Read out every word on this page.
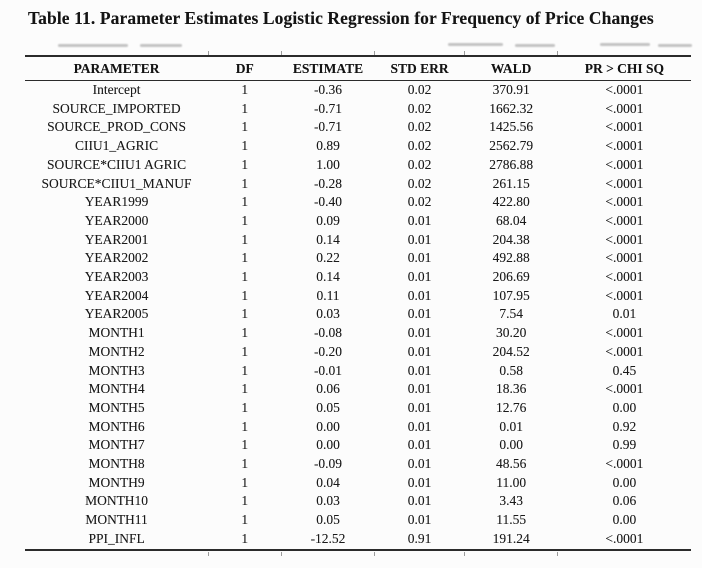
Table 11. Parameter Estimates Logistic Regression for Frequency of Price Changes
PARAMETER	DF	ESTIMATE	STD ERR	WALD	PR > CHI SQ
Intercept	1	-0.36	0.02	370.91	<.0001
SOURCE_IMPORTED	1	-0.71	0.02	1662.32	<.0001
SOURCE_PROD_CONS	1	-0.71	0.02	1425.56	<.0001
CIIU1_AGRIC	1	0.89	0.02	2562.79	<.0001
SOURCE*CIIU1 AGRIC	1	1.00	0.02	2786.88	<.0001
SOURCE*CIIU1_MANUF	1	-0.28	0.02	261.15	<.0001
YEAR1999	1	-0.40	0.02	422.80	<.0001
YEAR2000	1	0.09	0.01	68.04	<.0001
YEAR2001	1	0.14	0.01	204.38	<.0001
YEAR2002	1	0.22	0.01	492.88	<.0001
YEAR2003	1	0.14	0.01	206.69	<.0001
YEAR2004	1	0.11	0.01	107.95	<.0001
YEAR2005	1	0.03	0.01	7.54	0.01
MONTH1	1	-0.08	0.01	30.20	<.0001
MONTH2	1	-0.20	0.01	204.52	<.0001
MONTH3	1	-0.01	0.01	0.58	0.45
MONTH4	1	0.06	0.01	18.36	<.0001
MONTH5	1	0.05	0.01	12.76	0.00
MONTH6	1	0.00	0.01	0.01	0.92
MONTH7	1	0.00	0.01	0.00	0.99
MONTH8	1	-0.09	0.01	48.56	<.0001
MONTH9	1	0.04	0.01	11.00	0.00
MONTH10	1	0.03	0.01	3.43	0.06
MONTH11	1	0.05	0.01	11.55	0.00
PPI_INFL	1	-12.52	0.91	191.24	<.0001
